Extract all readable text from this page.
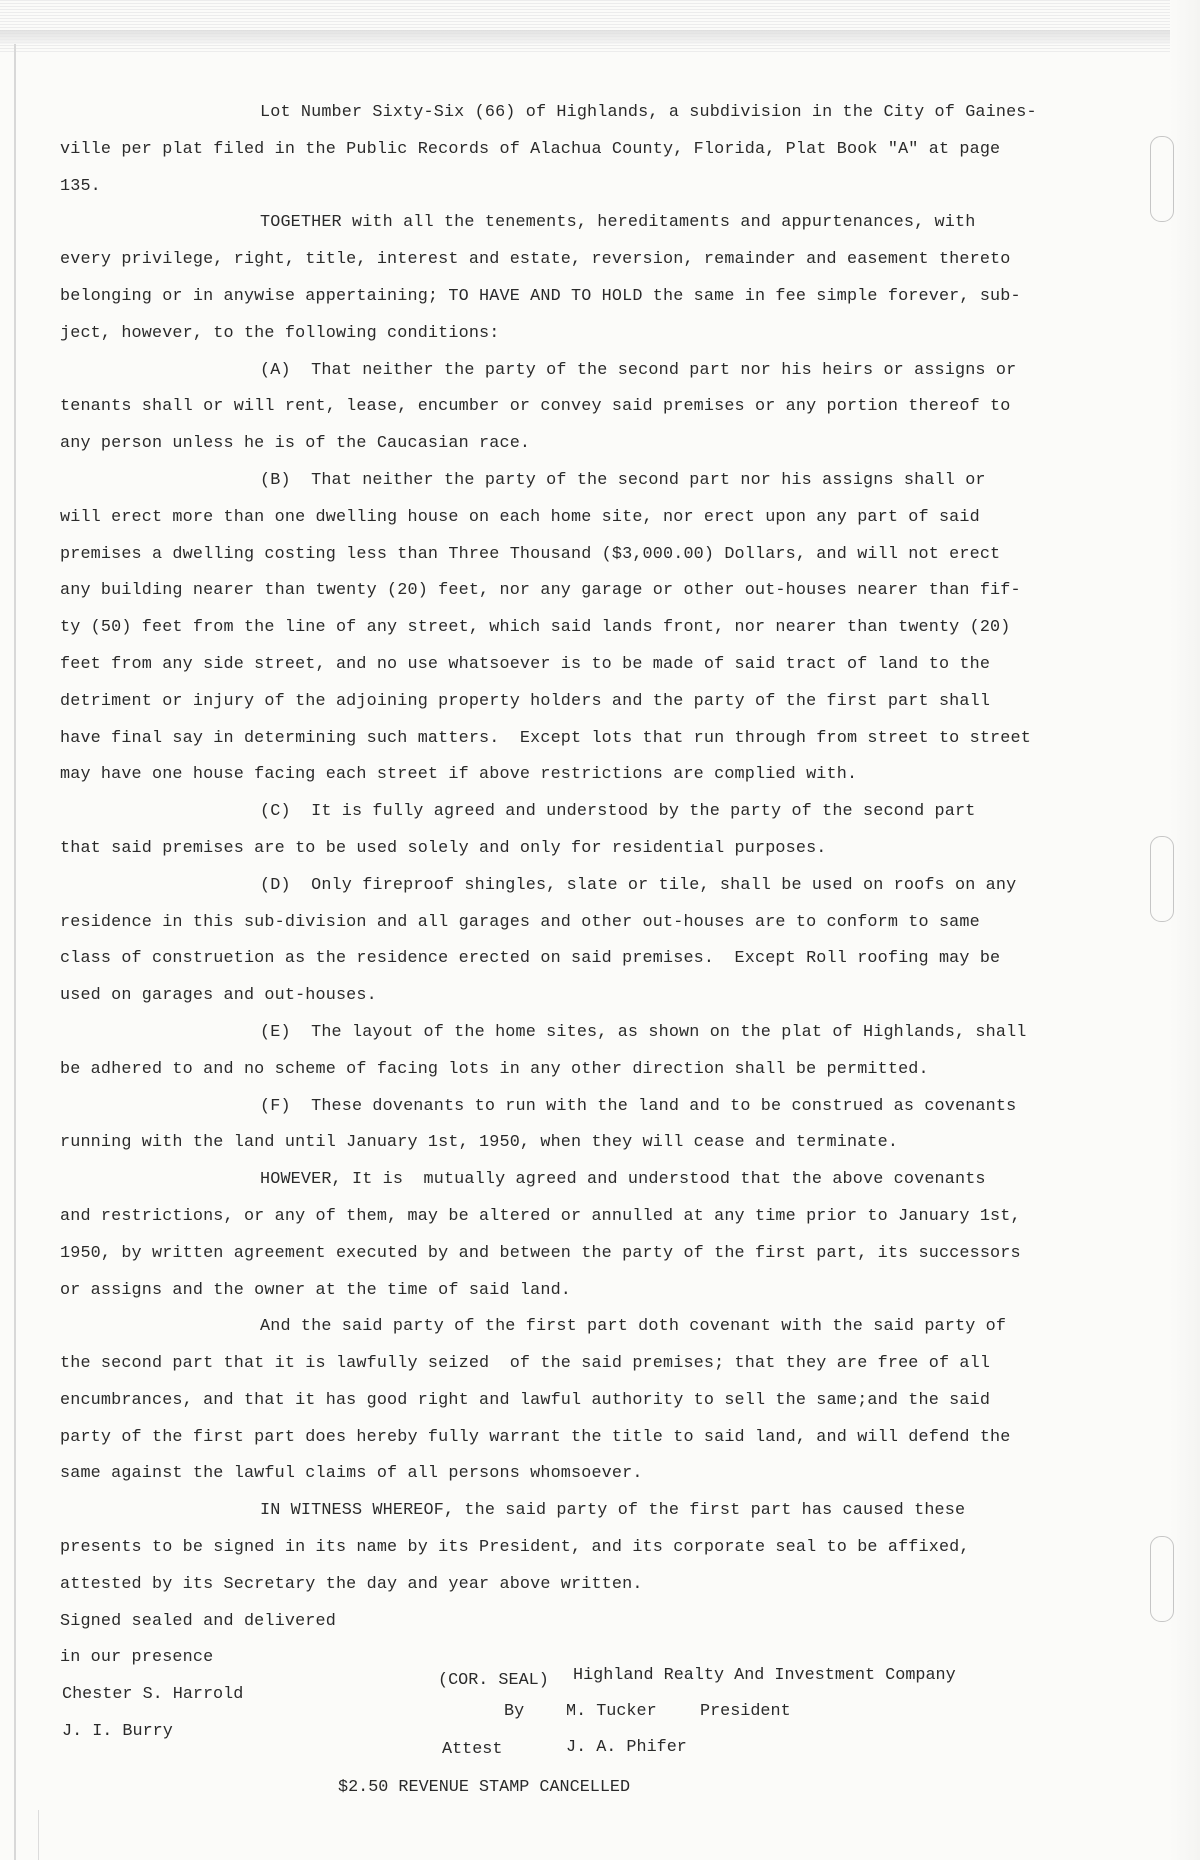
Lot Number Sixty-Six (66) of Highlands, a subdivision in the City of Gaines-
ville per plat filed in the Public Records of Alachua County, Florida, Plat Book "A" at page
135.
TOGETHER with all the tenements, hereditaments and appurtenances, with
every privilege, right, title, interest and estate, reversion, remainder and easement thereto
belonging or in anywise appertaining; TO HAVE AND TO HOLD the same in fee simple forever, sub-
ject, however, to the following conditions:
(A)  That neither the party of the second part nor his heirs or assigns or
tenants shall or will rent, lease, encumber or convey said premises or any portion thereof to
any person unless he is of the Caucasian race.
(B)  That neither the party of the second part nor his assigns shall or
will erect more than one dwelling house on each home site, nor erect upon any part of said
premises a dwelling costing less than Three Thousand ($3,000.00) Dollars, and will not erect
any building nearer than twenty (20) feet, nor any garage or other out-houses nearer than fif-
ty (50) feet from the line of any street, which said lands front, nor nearer than twenty (20)
feet from any side street, and no use whatsoever is to be made of said tract of land to the
detriment or injury of the adjoining property holders and the party of the first part shall
have final say in determining such matters.  Except lots that run through from street to street
may have one house facing each street if above restrictions are complied with.
(C)  It is fully agreed and understood by the party of the second part
that said premises are to be used solely and only for residential purposes.
(D)  Only fireproof shingles, slate or tile, shall be used on roofs on any
residence in this sub-division and all garages and other out-houses are to conform to same
class of construetion as the residence erected on said premises.  Except Roll roofing may be
used on garages and out-houses.
(E)  The layout of the home sites, as shown on the plat of Highlands, shall
be adhered to and no scheme of facing lots in any other direction shall be permitted.
(F)  These dovenants to run with the land and to be construed as covenants
running with the land until January 1st, 1950, when they will cease and terminate.
HOWEVER, It is  mutually agreed and understood that the above covenants
and restrictions, or any of them, may be altered or annulled at any time prior to January 1st,
1950, by written agreement executed by and between the party of the first part, its successors
or assigns and the owner at the time of said land.
And the said party of the first part doth covenant with the said party of
the second part that it is lawfully seized  of the said premises; that they are free of all
encumbrances, and that it has good right and lawful authority to sell the same;and the said
party of the first part does hereby fully warrant the title to said land, and will defend the
same against the lawful claims of all persons whomsoever.
IN WITNESS WHEREOF, the said party of the first part has caused these
presents to be signed in its name by its President, and its corporate seal to be affixed,
attested by its Secretary the day and year above written.
Signed sealed and delivered
in our presence
Chester S. Harrold
J. I. Burry
(COR. SEAL) Highland Realty And Investment Company
By M. Tucker	President
Attest	J. A. Phifer
$2.50 REVENUE STAMP CANCELLED
